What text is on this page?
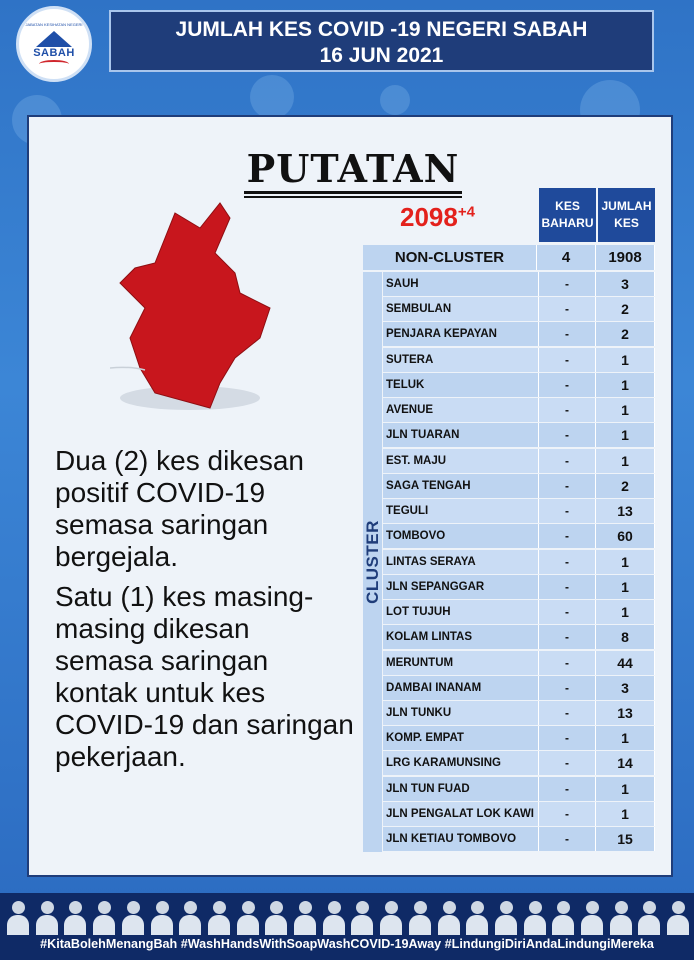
JABATAN KESIHATAN NEGERI
SABAH
JUMLAH KES COVID -19 NEGERI SABAH
16 JUN 2021
PUTATAN
$2098^{+4}$

Dua (2) kes dikesan positif COVID-19 semasa saringan bergejala.

Satu (1) kes masing-masing dikesan semasa saringan kontak untuk kes COVID-19 dan saringan pekerjaan.

KES BAHARU
JUMLAH KES
NON-CLUSTER	4	1908
CLUSTER
SAUH	-	3
SEMBULAN	-	2
PENJARA KEPAYAN	-	2
SUTERA	-	1
TELUK	-	1
AVENUE	-	1
JLN TUARAN	-	1
EST. MAJU	-	1
SAGA TENGAH	-	2
TEGULI	-	13
TOMBOVO	-	60
LINTAS SERAYA	-	1
JLN SEPANGGAR	-	1
LOT TUJUH	-	1
KOLAM LINTAS	-	8
MERUNTUM	-	44
DAMBAI INANAM	-	3
JLN TUNKU	-	13
KOMP. EMPAT	-	1
LRG KARAMUNSING	-	14
JLN TUN FUAD	-	1
JLN PENGALAT LOK KAWI	-	1
JLN KETIAU TOMBOVO	-	15
#KitaBolehMenangBah #WashHandsWithSoapWashCOVID-19Away #LindungiDiriAndaLindungiMereka
